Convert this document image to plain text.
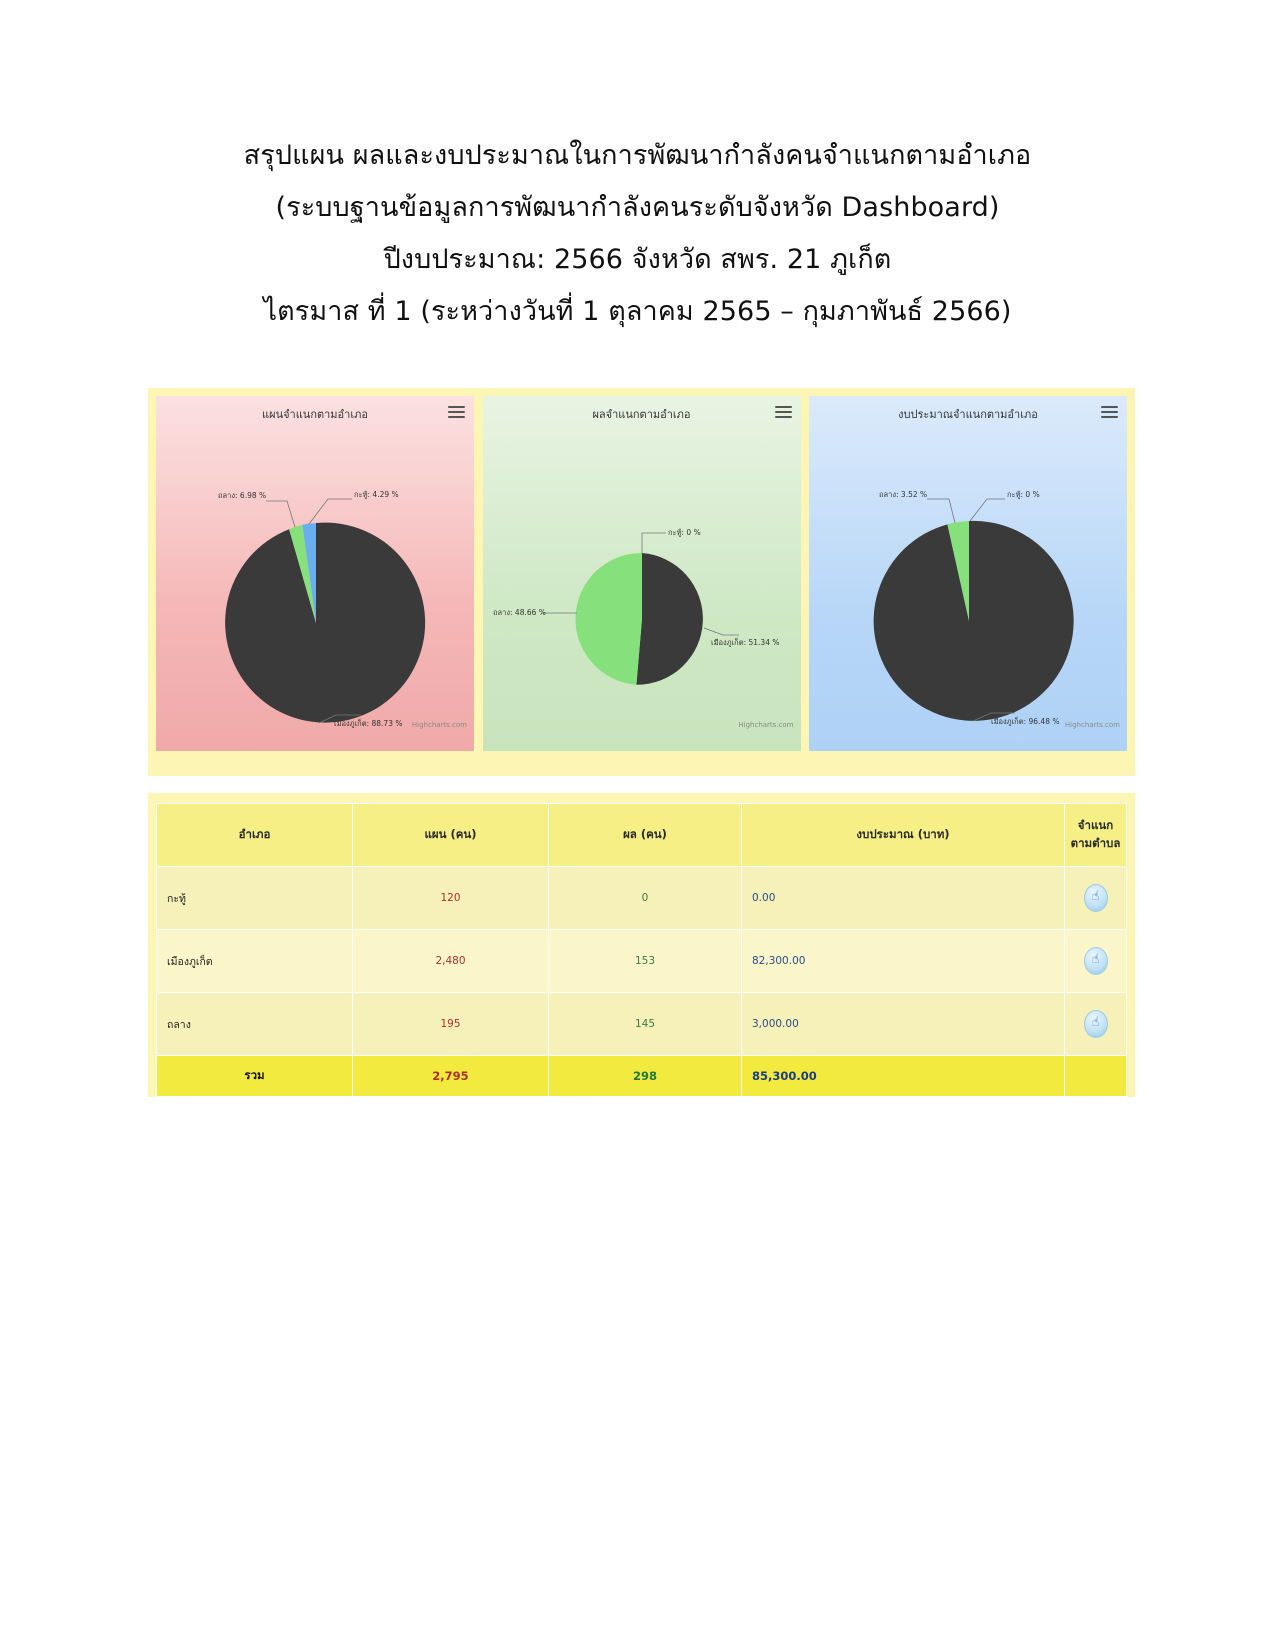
สรุปแผน ผลและงบประมาณในการพัฒนากำลังคนจำแนกตามอำเภอ
(ระบบฐานข้อมูลการพัฒนากำลังคนระดับจังหวัด Dashboard)
ปีงบประมาณ: 2566 จังหวัด สพร. 21 ภูเก็ต
ไตรมาส ที่ 1 (ระหว่างวันที่ 1 ตุลาคม 2565 – กุมภาพันธ์ 2566)
แผนจำแนกตามอำเภอ
ถลาง: 6.98 %	กะทู้: 4.29 %
เมืองภูเก็ต: 88.73 % Highcharts.com
ผลจำแนกตามอำเภอ
กะทู้: 0 %
ถลาง: 48.66 %
เมืองภูเก็ต: 51.34 %
Highcharts.com
งบประมาณจำแนกตามอำเภอ
ถลาง: 3.52 %	กะทู้: 0 %
เมืองภูเก็ต: 96.48 % Highcharts.com
อำเภอ	แผน (คน)	ผล (คน)	งบประมาณ (บาท)	จำแนกตามตำบล
กะทู้	120	0	0.00	☝
เมืองภูเก็ต	2,480	153	82,300.00	☝
ถลาง	195	145	3,000.00	☝
รวม	2,795	298	85,300.00	
